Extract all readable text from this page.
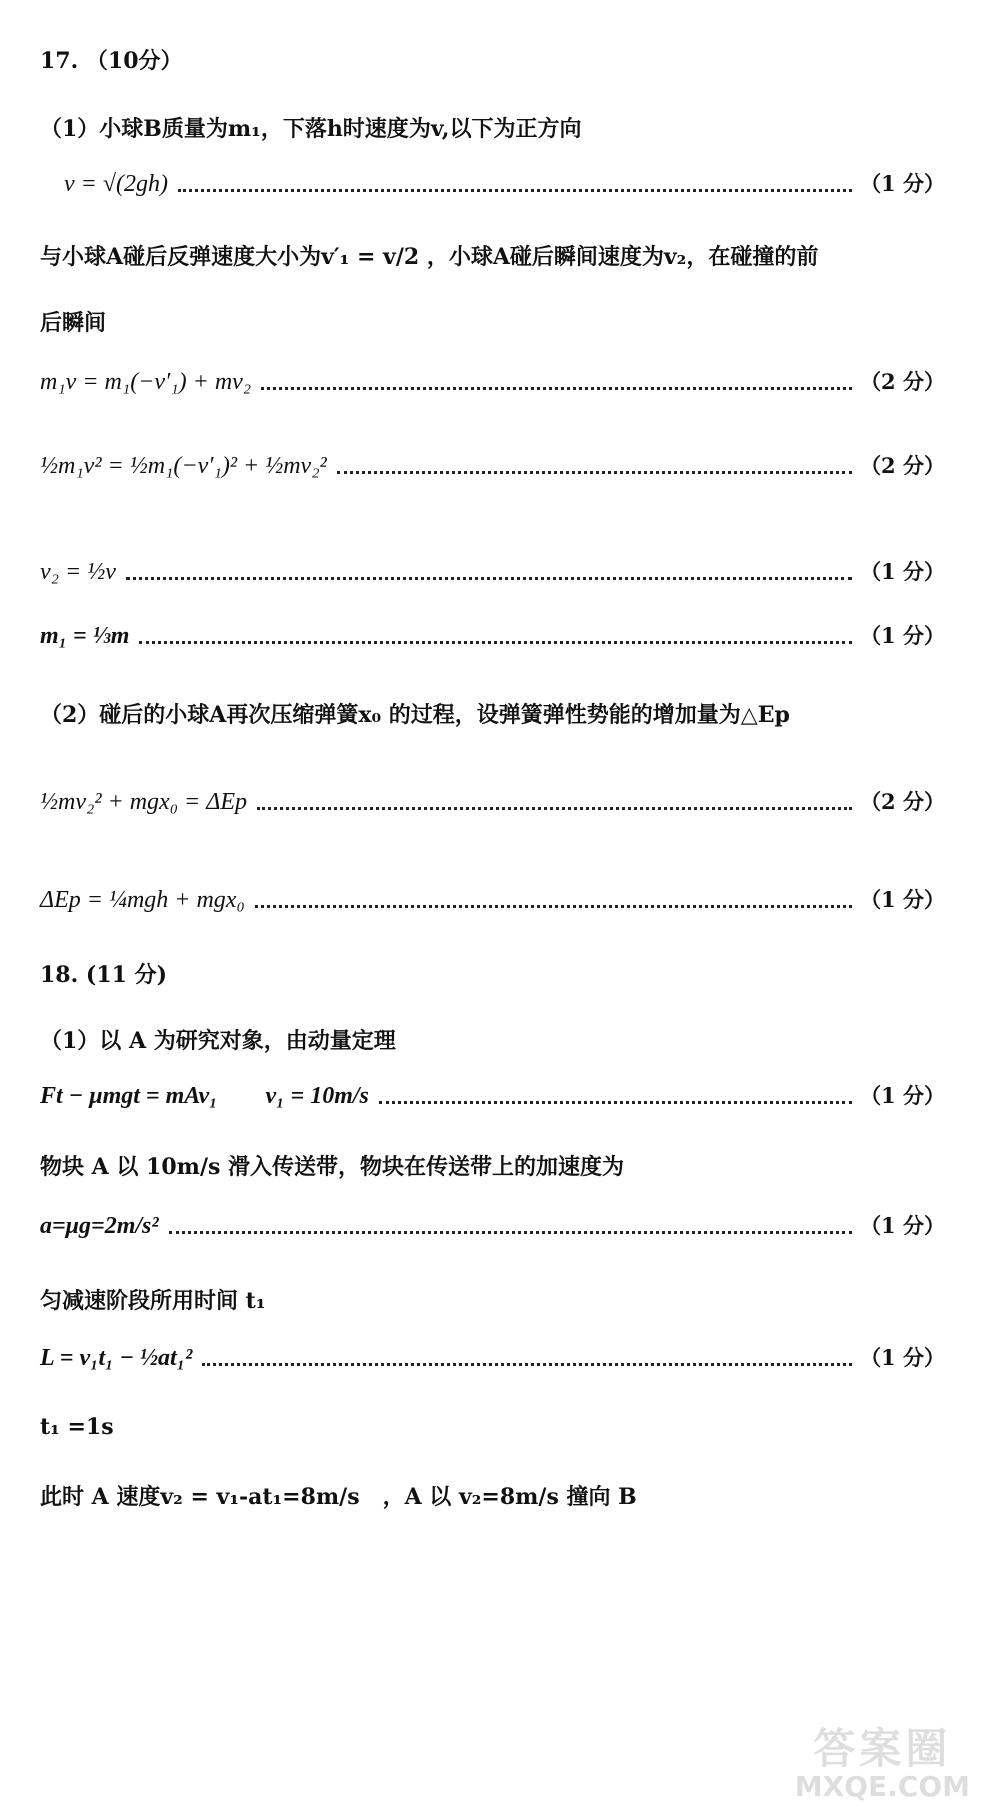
17. （10分）
（1）小球B质量为m₁，下落h时速度为v,以下为正方向
v = √(2gh)	（1 分）
与小球A碰后反弹速度大小为v′₁ = v/2 ，小球A碰后瞬间速度为v₂，在碰撞的前
后瞬间
m₁v = m₁(−v′₁) + mv₂	（2 分）
½m₁v² = ½m₁(−v′₁)² + ½mv₂²	（2 分）
v₂ = ½v	（1 分）
m₁ = ⅓m	（1 分）
（2）碰后的小球A再次压缩弹簧x₀ 的过程，设弹簧弹性势能的增加量为△Ep
½mv₂² + mgx₀ = ΔEp	（2 分）
ΔEp = ¼mgh + mgx₀	（1 分）
18. (11 分)
（1）以 A 为研究对象，由动量定理
Ft − μmgt = mAv₁        v₁ = 10m/s	（1 分）
物块 A 以 10m/s 滑入传送带，物块在传送带上的加速度为
a=μg=2m/s²	（1 分）
匀减速阶段所用时间 t₁
L = v₁t₁ − ½at₁²	（1 分）
t₁ =1s
此时 A 速度v₂ = v₁-at₁=8m/s   ，A 以 v₂=8m/s 撞向 B
答案圈
MXQE.COM
